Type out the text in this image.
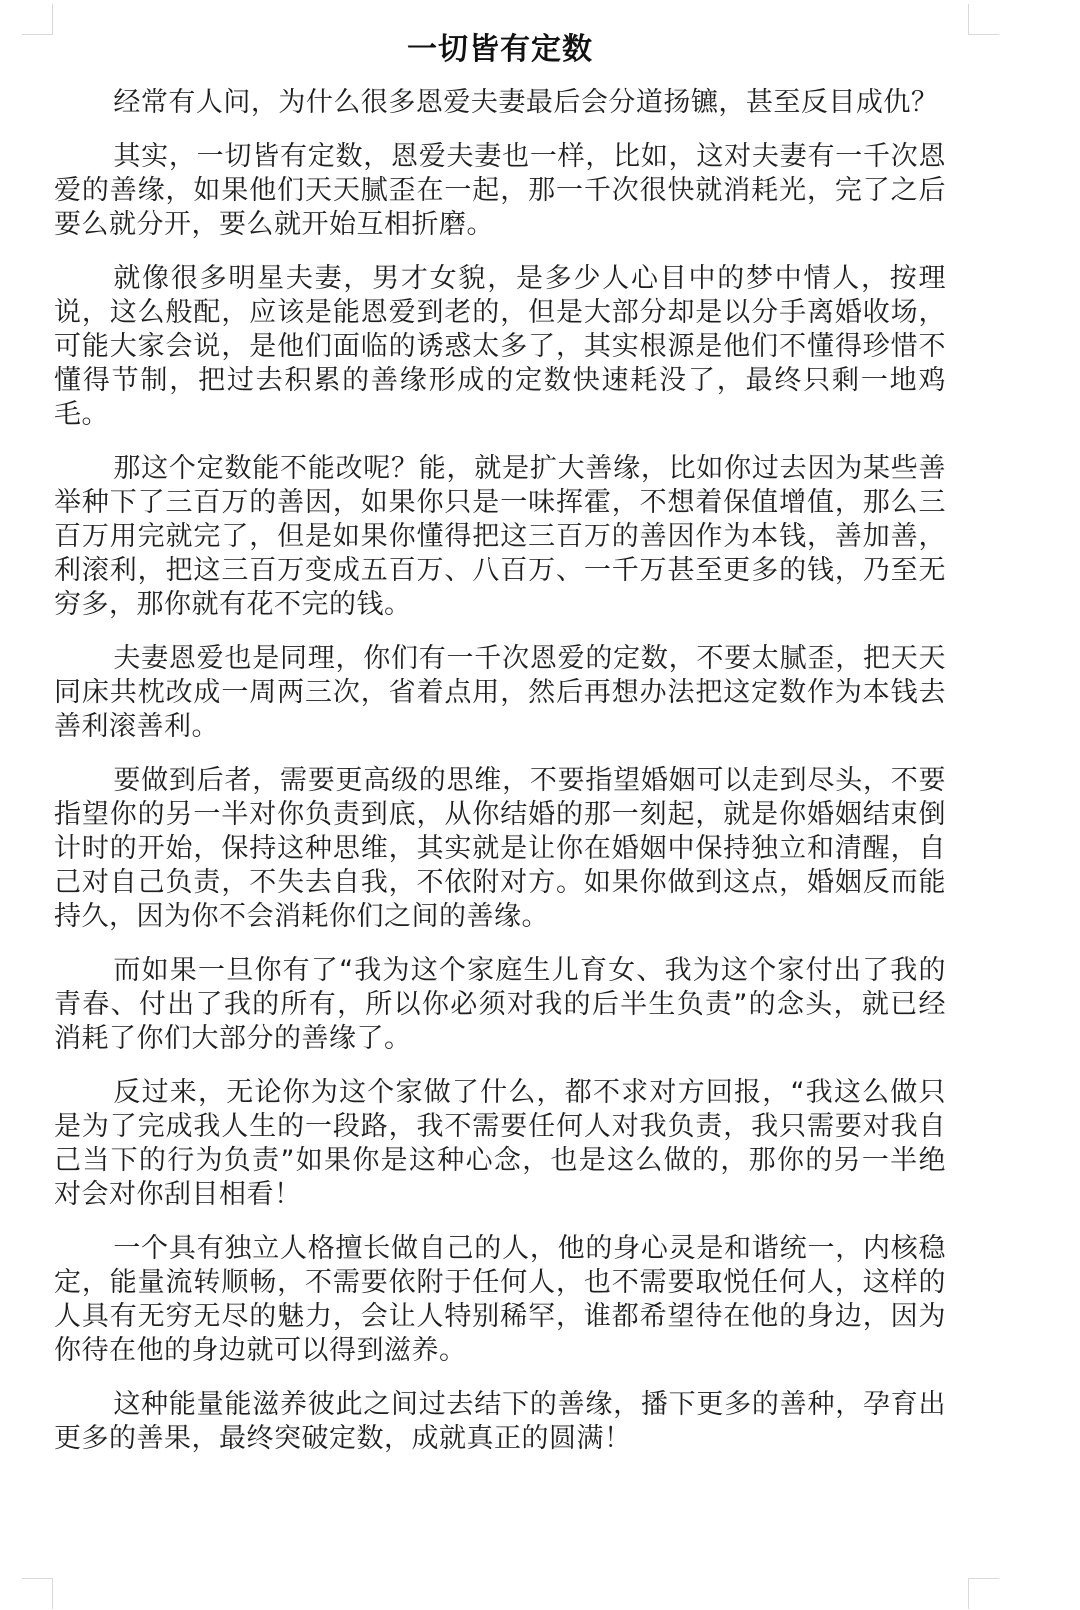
一切皆有定数

经常有人问，为什么很多恩爱夫妻最后会分道扬镳，甚至反目成仇？

其实，一切皆有定数，恩爱夫妻也一样，比如，这对夫妻有一千次恩爱的善缘，如果他们天天腻歪在一起，那一千次很快就消耗光，完了之后要么就分开，要么就开始互相折磨。

就像很多明星夫妻，男才女貌，是多少人心目中的梦中情人，按理说，这么般配，应该是能恩爱到老的，但是大部分却是以分手离婚收场，可能大家会说，是他们面临的诱惑太多了，其实根源是他们不懂得珍惜不懂得节制，把过去积累的善缘形成的定数快速耗没了，最终只剩一地鸡毛。

那这个定数能不能改呢？能，就是扩大善缘，比如你过去因为某些善举种下了三百万的善因，如果你只是一味挥霍，不想着保值增值，那么三百万用完就完了，但是如果你懂得把这三百万的善因作为本钱，善加善，利滚利，把这三百万变成五百万、八百万、一千万甚至更多的钱，乃至无穷多，那你就有花不完的钱。

夫妻恩爱也是同理，你们有一千次恩爱的定数，不要太腻歪，把天天同床共枕改成一周两三次，省着点用，然后再想办法把这定数作为本钱去善利滚善利。

要做到后者，需要更高级的思维，不要指望婚姻可以走到尽头，不要指望你的另一半对你负责到底，从你结婚的那一刻起，就是你婚姻结束倒计时的开始，保持这种思维，其实就是让你在婚姻中保持独立和清醒，自己对自己负责，不失去自我，不依附对方。如果你做到这点，婚姻反而能持久，因为你不会消耗你们之间的善缘。

而如果一旦你有了“我为这个家庭生儿育女、我为这个家付出了我的青春、付出了我的所有，所以你必须对我的后半生负责”的念头，就已经消耗了你们大部分的善缘了。

反过来，无论你为这个家做了什么，都不求对方回报，“我这么做只是为了完成我人生的一段路，我不需要任何人对我负责，我只需要对我自己当下的行为负责”如果你是这种心念，也是这么做的，那你的另一半绝对会对你刮目相看！

一个具有独立人格擅长做自己的人，他的身心灵是和谐统一，内核稳定，能量流转顺畅，不需要依附于任何人，也不需要取悦任何人，这样的人具有无穷无尽的魅力，会让人特别稀罕，谁都希望待在他的身边，因为你待在他的身边就可以得到滋养。

这种能量能滋养彼此之间过去结下的善缘，播下更多的善种，孕育出更多的善果，最终突破定数，成就真正的圆满！
